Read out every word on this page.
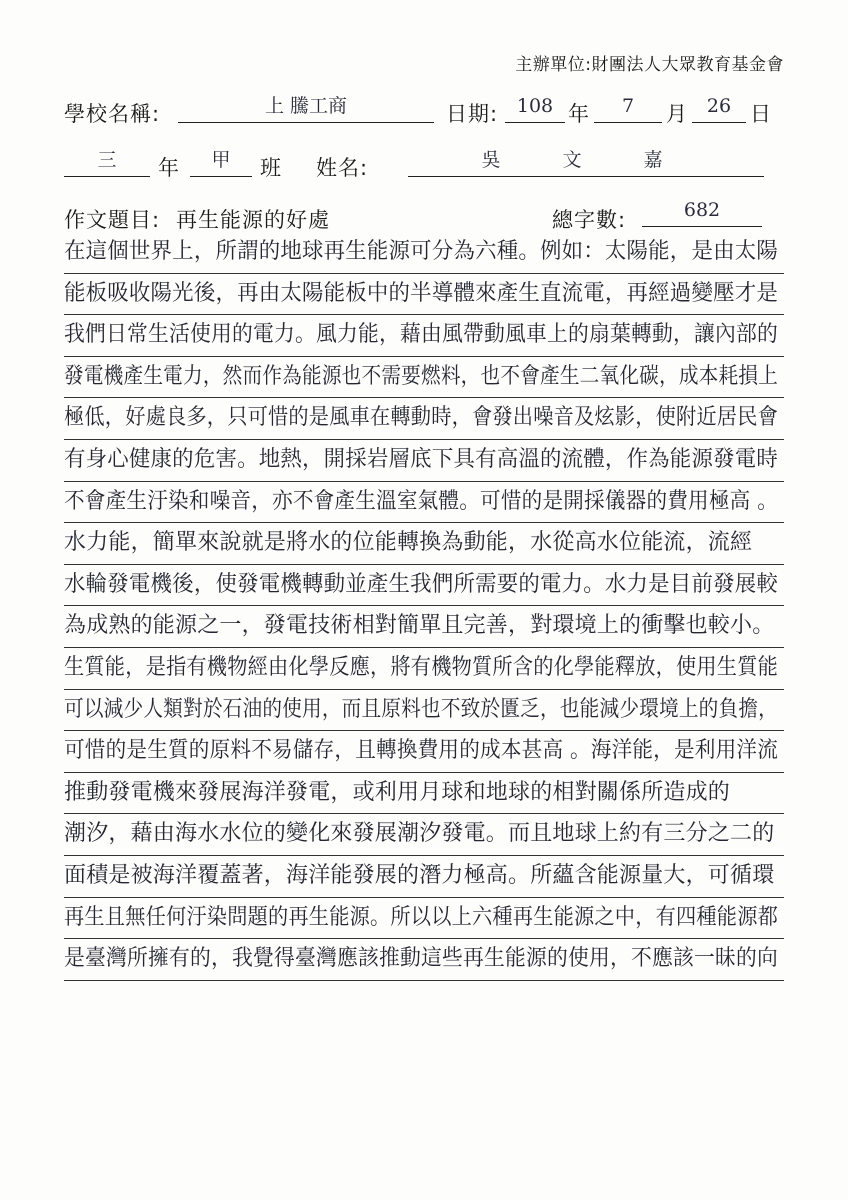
主辦單位:財團法人大眾教育基金會
學校名稱:	上 騰工商	日期: 108 年	7	月 26 日
三	年	甲	班 姓名:	吳 文 嘉
作文題目: 再生能源的好處	總字數:	682
在這個世界上，所謂的地球再生能源可分為六種。例如：太陽能，是由太陽
能板吸收陽光後，再由太陽能板中的半導體來產生直流電，再經過變壓才是
我們日常生活使用的電力。風力能，藉由風帶動風車上的扇葉轉動，讓內部的
發電機產生電力，然而作為能源也不需要燃料，也不會產生二氧化碳，成本耗損上
極低，好處良多，只可惜的是風車在轉動時，會發出噪音及炫影，使附近居民會
有身心健康的危害。地熱，開採岩層底下具有高溫的流體，作為能源發電時
不會產生汙染和噪音，亦不會產生溫室氣體。可惜的是開採儀器的費用極高 。
水力能，簡單來說就是將水的位能轉換為動能，水從高水位能流，流經
水輪發電機後，使發電機轉動並產生我們所需要的電力。水力是目前發展較
為成熟的能源之一，發電技術相對簡單且完善，對環境上的衝擊也較小。
生質能，是指有機物經由化學反應，將有機物質所含的化學能釋放，使用生質能
可以減少人類對於石油的使用，而且原料也不致於匱乏，也能減少環境上的負擔，
可惜的是生質的原料不易儲存，且轉換費用的成本甚高 。海洋能，是利用洋流
推動發電機來發展海洋發電，或利用月球和地球的相對關係所造成的
潮汐，藉由海水水位的變化來發展潮汐發電。而且地球上約有三分之二的
面積是被海洋覆蓋著，海洋能發展的潛力極高。所蘊含能源量大，可循環
再生且無任何汙染問題的再生能源。所以以上六種再生能源之中，有四種能源都
是臺灣所擁有的，我覺得臺灣應該推動這些再生能源的使用，不應該一昧的向
